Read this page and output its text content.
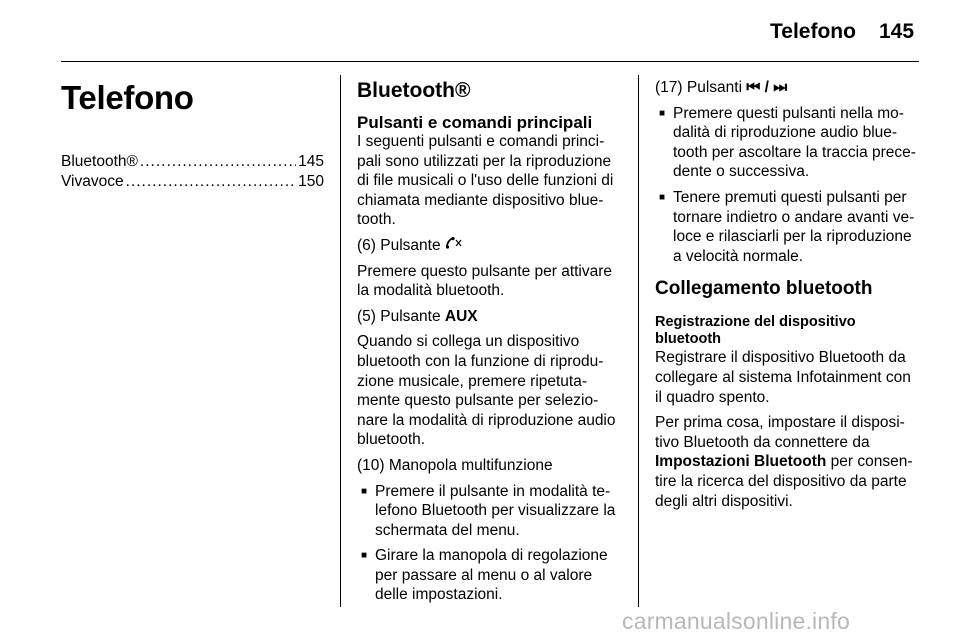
Telefono 145
Telefono
Bluetooth® .....	145
Vivavoce .....	150
Bluetooth®
Pulsanti e comandi principali

I seguenti pulsanti e comandi princi-pali sono utilizzati per la riproduzione di file musicali o l'uso delle funzioni di chiamata mediante dispositivo blue-tooth.

(6) Pulsante

Premere questo pulsante per attivare la modalità bluetooth.

(5) Pulsante AUX

Quando si collega un dispositivo bluetooth con la funzione di riprodu-zione musicale, premere ripetuta-mente questo pulsante per selezio-nare la modalità di riproduzione audio bluetooth.

(10) Manopola multifunzione

■ Premere il pulsante in modalità te-lefono Bluetooth per visualizzare la schermata del menu.
■ Girare la manopola di regolazione per passare al menu o al valore delle impostazioni.

(17) Pulsanti ⏮ / ⏭

■ Premere questi pulsanti nella mo-dalità di riproduzione audio blue-tooth per ascoltare la traccia prece-dente o successiva.
■ Tenere premuti questi pulsanti per tornare indietro o andare avanti ve-loce e rilasciarli per la riproduzione a velocità normale.
Collegamento bluetooth
Registrazione del dispositivo bluetooth

Registrare il dispositivo Bluetooth da collegare al sistema Infotainment con il quadro spento.

Per prima cosa, impostare il disposi-tivo Bluetooth da connettere da Impostazioni Bluetooth per consen-tire la ricerca del dispositivo da parte degli altri dispositivi.

carmanualsonline.info
